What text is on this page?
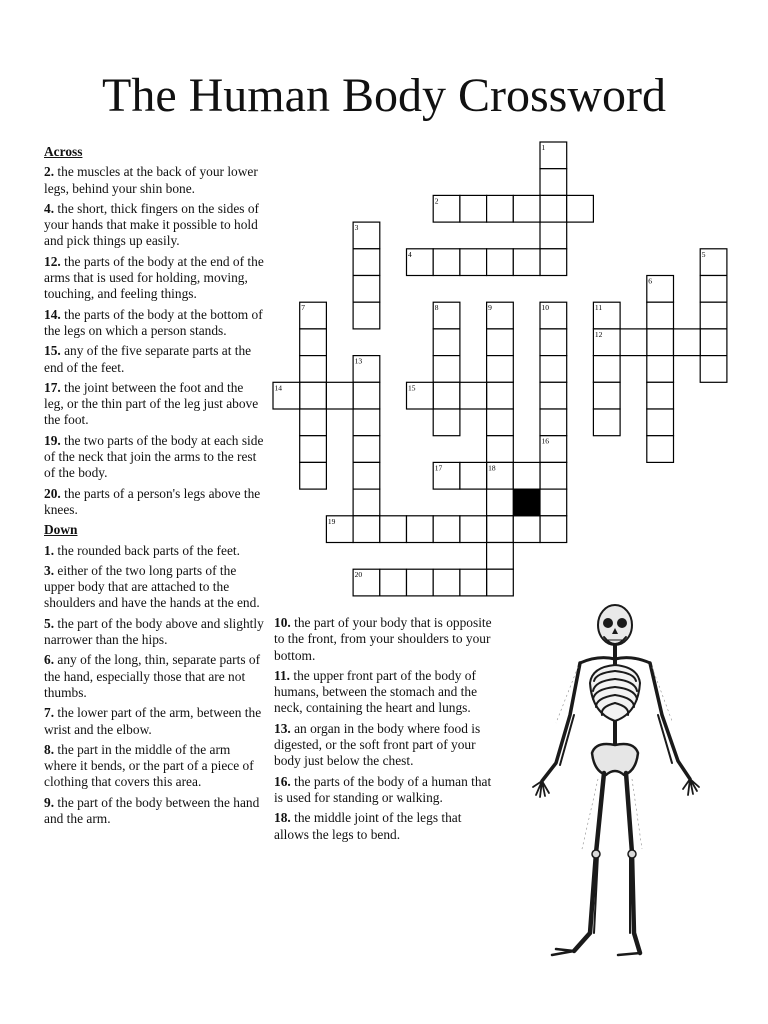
The Human Body Crossword
Across
2. the muscles at the back of your lower legs, behind your shin bone.
4. the short, thick fingers on the sides of your hands that make it possible to hold and pick things up easily.
12. the parts of the body at the end of the arms that is used for holding, moving, touching, and feeling things.
14. the parts of the body at the bottom of the legs on which a person stands.
15. any of the five separate parts at the end of the feet.
17. the joint between the foot and the leg, or the thin part of the leg just above the foot.
19. the two parts of the body at each side of the neck that join the arms to the rest of the body.
20. the parts of a person's legs above the knees.
Down
1. the rounded back parts of the feet.
3. either of the two long parts of the upper body that are attached to the shoulders and have the hands at the end.
5. the part of the body above and slightly narrower than the hips.
6. any of the long, thin, separate parts of the hand, especially those that are not thumbs.
7. the lower part of the arm, between the wrist and the elbow.
8. the part in the middle of the arm where it bends, or the part of a piece of clothing that covers this area.
9. the part of the body between the hand and the arm.
10. the part of your body that is opposite to the front, from your shoulders to your bottom.
11. the upper front part of the body of humans, between the stomach and the neck, containing the heart and lungs.
13. an organ in the body where food is digested, or the soft front part of your body just below the chest.
16. the parts of the body of a human that is used for standing or walking.
18. the middle joint of the legs that allows the legs to bend.
1
2
3
4	5
6
7	8	9	10	11
12
13
14	15
16
17	18
19
20
